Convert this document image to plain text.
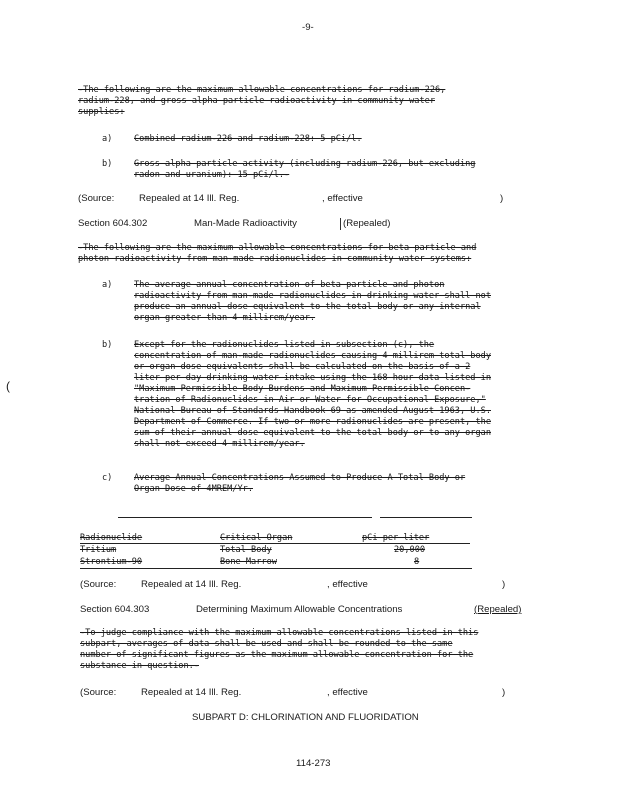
-9-
(
-The following are the maximum allowable concentrations for radium-226,
radium-228, and gross alpha particle radioactivity in community water
supplies:
a)	Combined radium-226 and radium-228: 5 pCi/l.
b)	Gross alpha particle activity (including radium-226, but excluding
radon and uranium): 15 pCi/l.-
(Source:	Repealed at 14 Ill. Reg.	, effective	)
Section 604.302	Man-Made Radioactivity	(Repealed)
-The following are the maximum allowable concentrations for beta particle and
photon radioactivity from man-made radionuclides in community water systems:
a)	The average annual concentration of beta particle and photon
radioactivity from man-made radionuclides in drinking water shall not
produce an annual dose equivalent to the total body or any internal
organ greater than 4 millirem/year.
b)	Except for the radionuclides listed in subsection (c), the
concentration of man-made radionuclides causing 4 millirem total body
or organ dose equivalents shall be calculated on the basis of a 2
liter per day drinking water intake using the 168 hour data listed in
"Maximum Permissible Body Burdens and Maximum Permissible Concen-
tration of Radionuclides in Air or Water for Occupational Exposure,"
National Bureau of Standards Handbook 69 as amended August 1963, U.S.
Department of Commerce. If two or more radionuclides are present, the
sum of their annual dose equivalent to the total body or to any organ
shall not exceed 4 millirem/year.
c)	Average Annual Concentrations Assumed to Produce A Total Body or
Organ Dose of 4MREM/Yr.
Radionuclide	Critical Organ	pCi per liter
Tritium	Total Body	20,000
Strontium-90	Bone Marrow	8
(Source:	Repealed at 14 Ill. Reg.	, effective	)
Section 604.303	Determining Maximum Allowable Concentrations	(Repealed)
-To judge compliance with the maximum allowable concentrations listed in this
subpart, averages of data shall be used and shall be rounded to the same
number of significant figures as the maximum allowable concentration for the
substance in question.-
(Source:	Repealed at 14 Ill. Reg.	, effective	)
SUBPART D: CHLORINATION AND FLUORIDATION
114-273
